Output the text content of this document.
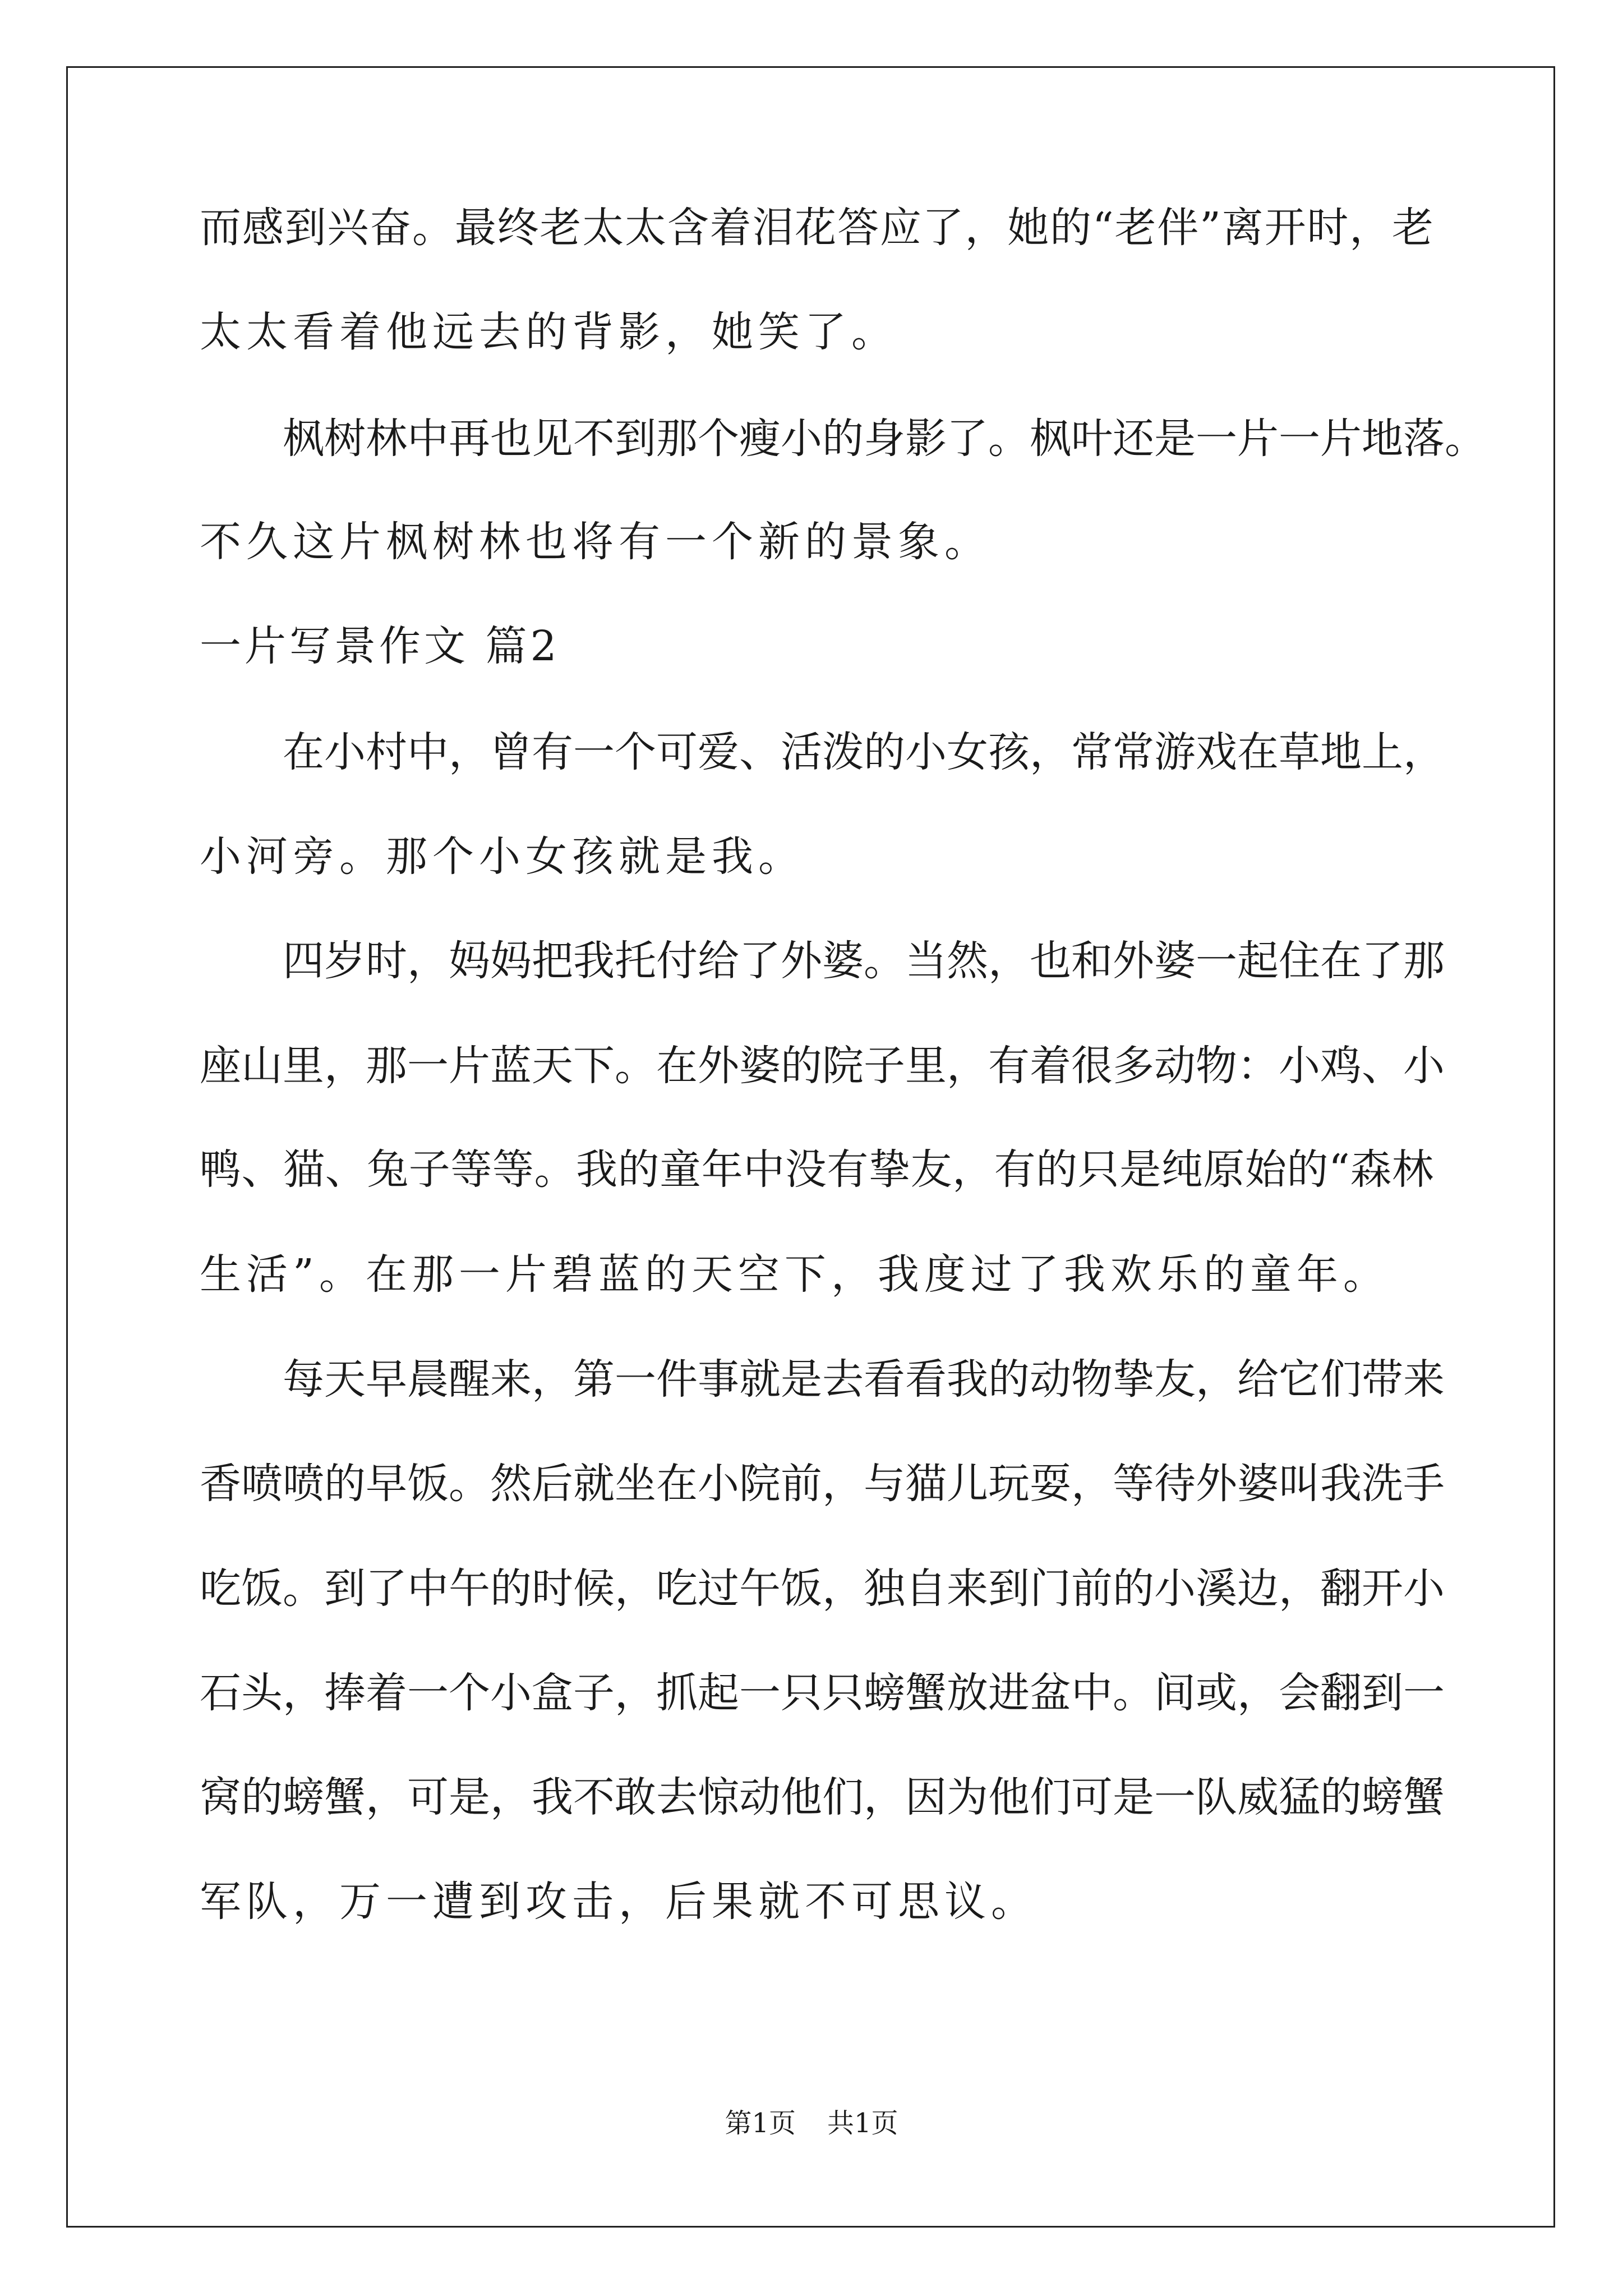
而感到兴奋。最终老太太含着泪花答应了，她的“老伴”离开时，老
太太看着他远去的背影，她笑了。
枫树林中再也见不到那个瘦小的身影了。枫叶还是一片一片地落。
不久这片枫树林也将有一个新的景象。
一片写景作文 篇2
在小村中，曾有一个可爱、活泼的小女孩，常常游戏在草地上，
小河旁。那个小女孩就是我。
四岁时，妈妈把我托付给了外婆。当然，也和外婆一起住在了那
座山里，那一片蓝天下。在外婆的院子里，有着很多动物：小鸡、小
鸭、猫、兔子等等。我的童年中没有挚友，有的只是纯原始的“森林
生活”。在那一片碧蓝的天空下，我度过了我欢乐的童年。
每天早晨醒来，第一件事就是去看看我的动物挚友，给它们带来
香喷喷的早饭。然后就坐在小院前，与猫儿玩耍，等待外婆叫我洗手
吃饭。到了中午的时候，吃过午饭，独自来到门前的小溪边，翻开小
石头，捧着一个小盒子，抓起一只只螃蟹放进盆中。间或，会翻到一
窝的螃蟹，可是，我不敢去惊动他们，因为他们可是一队威猛的螃蟹
军队，万一遭到攻击，后果就不可思议。
第1页 共1页
